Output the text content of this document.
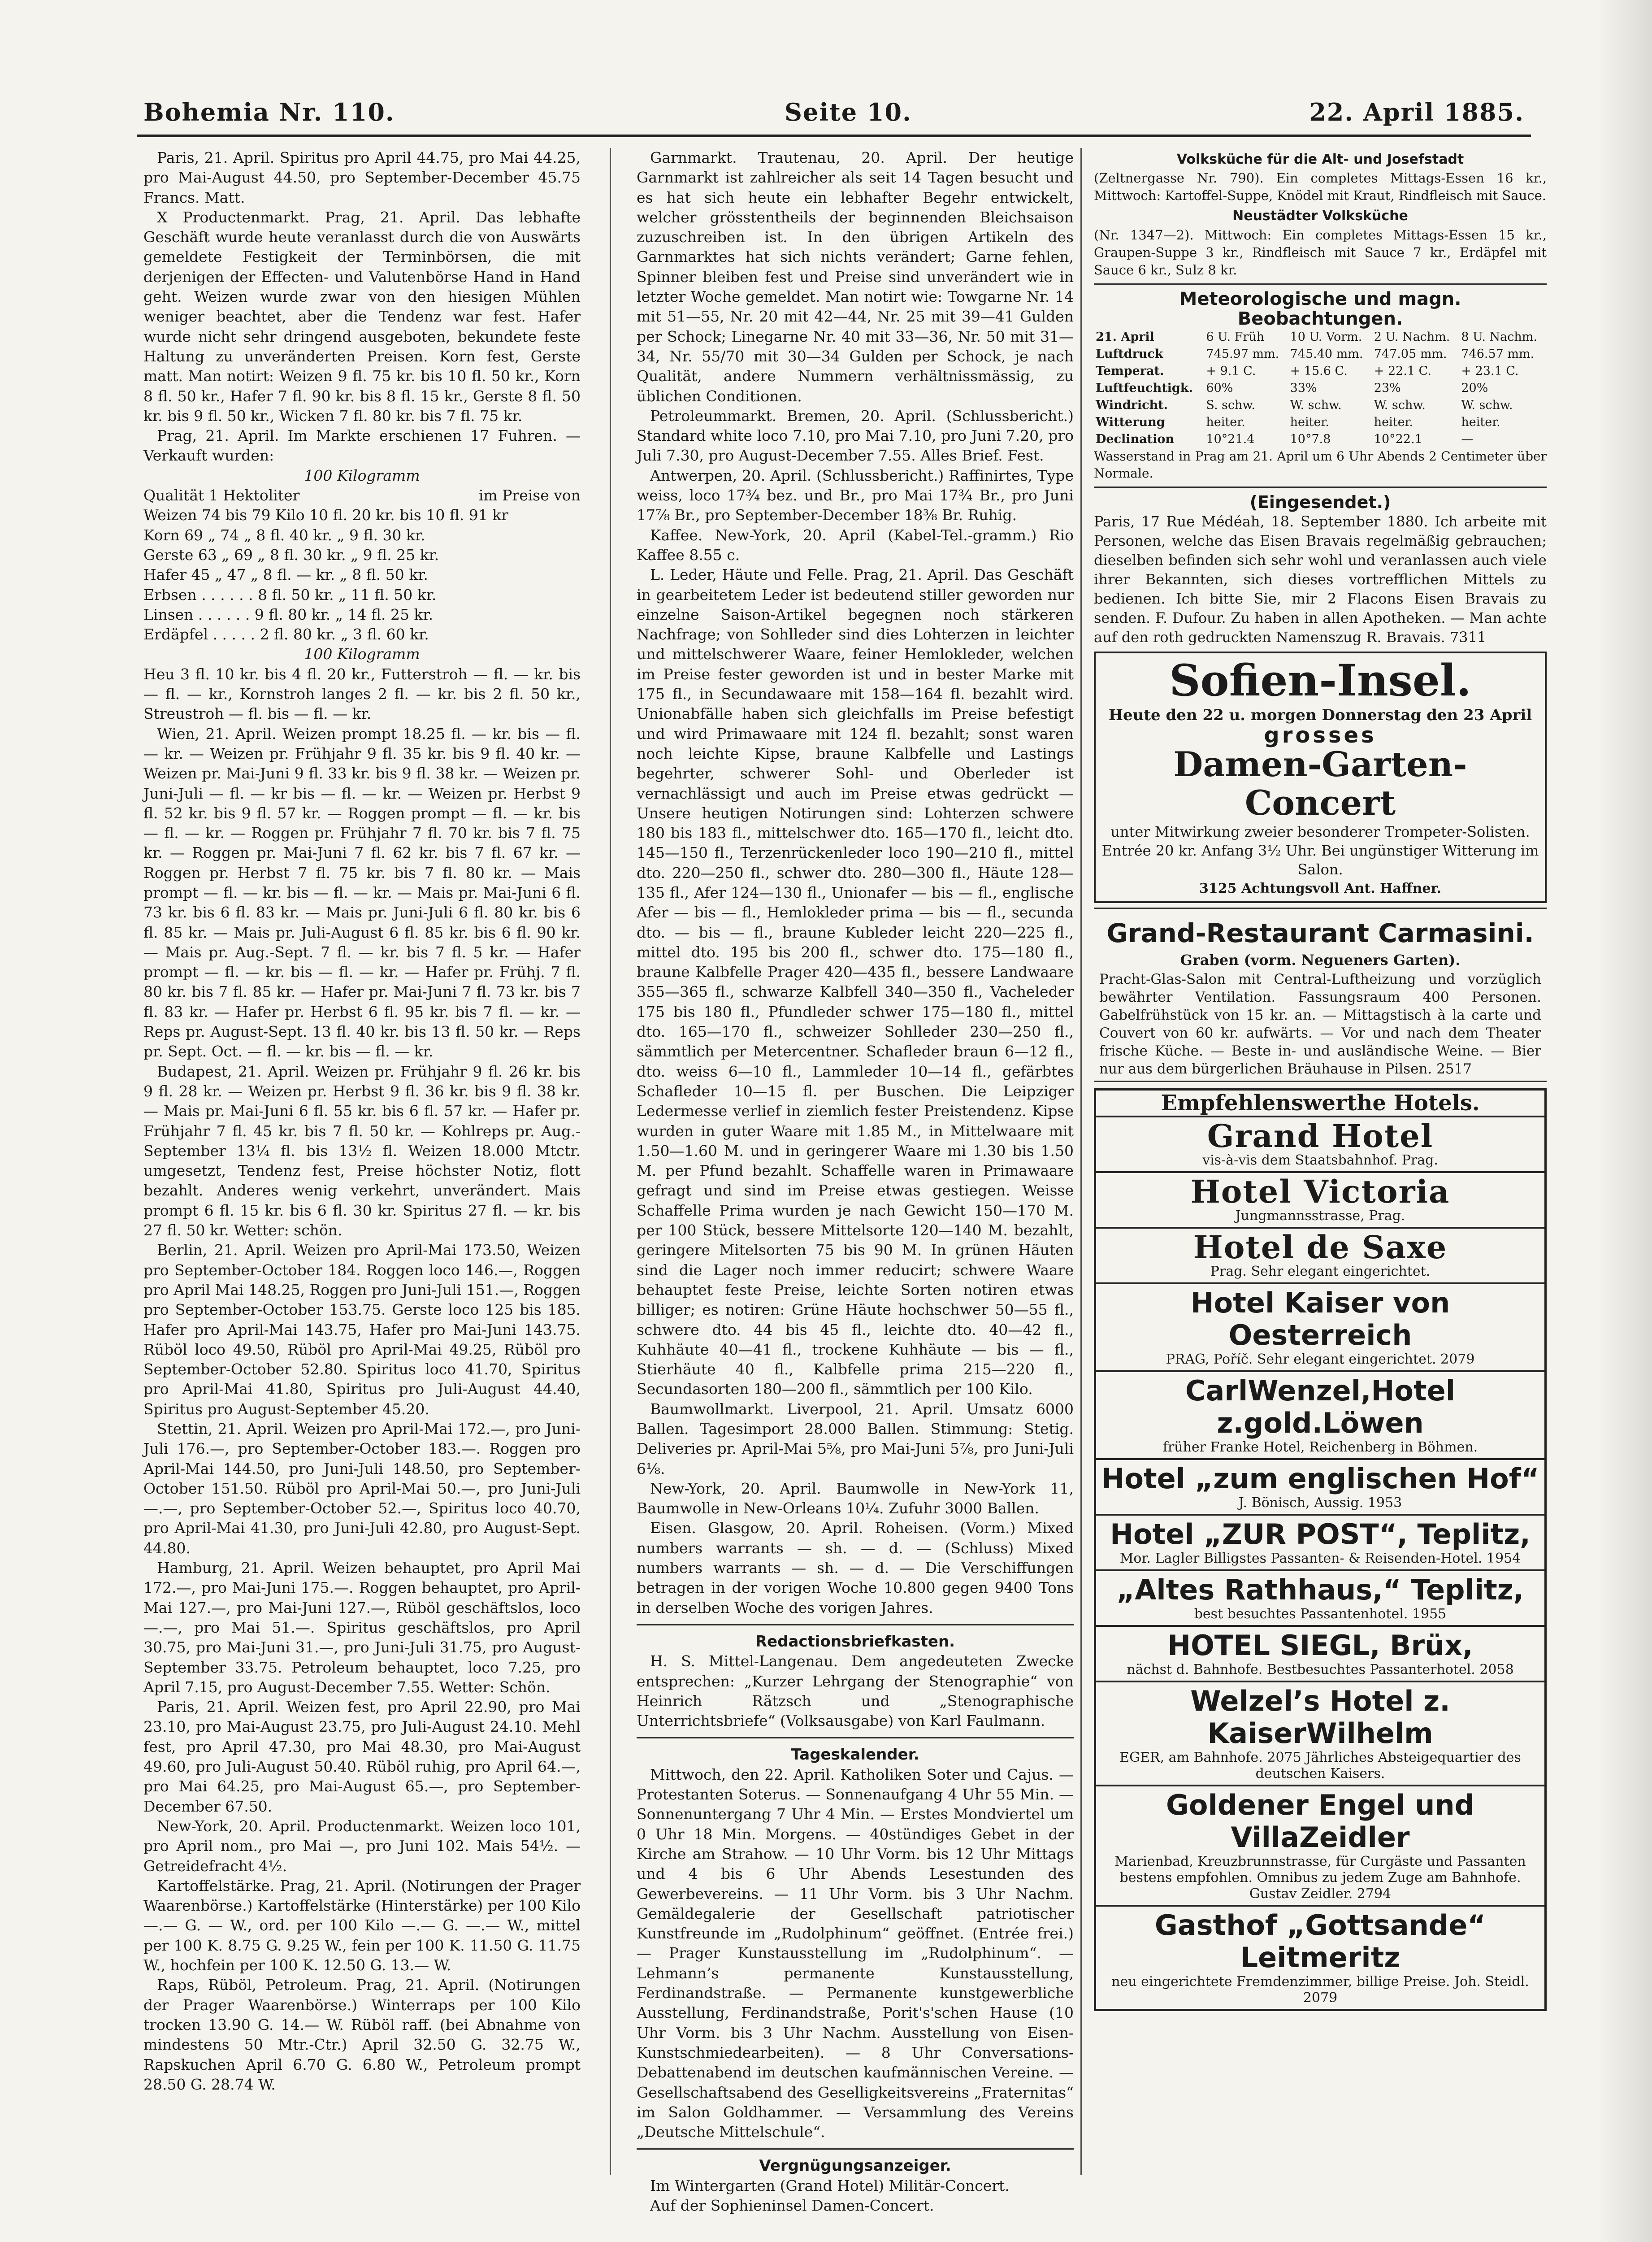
Bohemia Nr. 110.	Seite 10.	22. April 1885.

Paris, 21. April. Spiritus pro April 44.75, pro Mai 44.25, pro Mai-August 44.50, pro September-December 45.75 Francs. Matt.

X Productenmarkt. Prag, 21. April. Das lebhafte Geschäft wurde heute veranlasst durch die von Auswärts gemeldete Festigkeit der Terminbörsen, die mit derjenigen der Effecten- und Valutenbörse Hand in Hand geht. Weizen wurde zwar von den hiesigen Mühlen weniger beachtet, aber die Tendenz war fest. Hafer wurde nicht sehr dringend ausgeboten, bekundete feste Haltung zu unveränderten Preisen. Korn fest, Gerste matt. Man notirt: Weizen 9 fl. 75 kr. bis 10 fl. 50 kr., Korn 8 fl. 50 kr., Hafer 7 fl. 90 kr. bis 8 fl. 15 kr., Gerste 8 fl. 50 kr. bis 9 fl. 50 kr., Wicken 7 fl. 80 kr. bis 7 fl. 75 kr.

Prag, 21. April. Im Markte erschienen 17 Fuhren. — Verkauft wurden:

100 Kilogramm
Qualität 1 Hektoliter	im Preise von
Weizen 74 bis 79 Kilo 10 fl. 20 kr. bis 10 fl. 91 kr
Korn 69 „ 74 „ 8 fl. 40 kr. „ 9 fl. 30 kr.
Gerste 63 „ 69 „ 8 fl. 30 kr. „ 9 fl. 25 kr.
Hafer 45 „ 47 „ 8 fl. — kr. „ 8 fl. 50 kr.
Erbsen . . . . . . 8 fl. 50 kr. „ 11 fl. 50 kr.
Linsen . . . . . . 9 fl. 80 kr. „ 14 fl. 25 kr.
Erdäpfel . . . . . 2 fl. 80 kr. „ 3 fl. 60 kr.
100 Kilogramm

Heu 3 fl. 10 kr. bis 4 fl. 20 kr., Futterstroh — fl. — kr. bis — fl. — kr., Kornstroh langes 2 fl. — kr. bis 2 fl. 50 kr., Streustroh — fl. bis — fl. — kr.

Wien, 21. April. Weizen prompt 18.25 fl. — kr. bis — fl. — kr. — Weizen pr. Frühjahr 9 fl. 35 kr. bis 9 fl. 40 kr. — Weizen pr. Mai-Juni 9 fl. 33 kr. bis 9 fl. 38 kr. — Weizen pr. Juni-Juli — fl. — kr bis — fl. — kr. — Weizen pr. Herbst 9 fl. 52 kr. bis 9 fl. 57 kr. — Roggen prompt — fl. — kr. bis — fl. — kr. — Roggen pr. Frühjahr 7 fl. 70 kr. bis 7 fl. 75 kr. — Roggen pr. Mai-Juni 7 fl. 62 kr. bis 7 fl. 67 kr. — Roggen pr. Herbst 7 fl. 75 kr. bis 7 fl. 80 kr. — Mais prompt — fl. — kr. bis — fl. — kr. — Mais pr. Mai-Juni 6 fl. 73 kr. bis 6 fl. 83 kr. — Mais pr. Juni-Juli 6 fl. 80 kr. bis 6 fl. 85 kr. — Mais pr. Juli-August 6 fl. 85 kr. bis 6 fl. 90 kr. — Mais pr. Aug.-Sept. 7 fl. — kr. bis 7 fl. 5 kr. — Hafer prompt — fl. — kr. bis — fl. — kr. — Hafer pr. Frühj. 7 fl. 80 kr. bis 7 fl. 85 kr. — Hafer pr. Mai-Juni 7 fl. 73 kr. bis 7 fl. 83 kr. — Hafer pr. Herbst 6 fl. 95 kr. bis 7 fl. — kr. — Reps pr. August-Sept. 13 fl. 40 kr. bis 13 fl. 50 kr. — Reps pr. Sept. Oct. — fl. — kr. bis — fl. — kr.

Budapest, 21. April. Weizen pr. Frühjahr 9 fl. 26 kr. bis 9 fl. 28 kr. — Weizen pr. Herbst 9 fl. 36 kr. bis 9 fl. 38 kr. — Mais pr. Mai-Juni 6 fl. 55 kr. bis 6 fl. 57 kr. — Hafer pr. Frühjahr 7 fl. 45 kr. bis 7 fl. 50 kr. — Kohlreps pr. Aug.-September 13¼ fl. bis 13½ fl. Weizen 18.000 Mtctr. umgesetzt, Tendenz fest, Preise höchster Notiz, flott bezahlt. Anderes wenig verkehrt, unverändert. Mais prompt 6 fl. 15 kr. bis 6 fl. 30 kr. Spiritus 27 fl. — kr. bis 27 fl. 50 kr. Wetter: schön.

Berlin, 21. April. Weizen pro April-Mai 173.50, Weizen pro September-October 184. Roggen loco 146.—, Roggen pro April Mai 148.25, Roggen pro Juni-Juli 151.—, Roggen pro September-October 153.75. Gerste loco 125 bis 185. Hafer pro April-Mai 143.75, Hafer pro Mai-Juni 143.75. Rüböl loco 49.50, Rüböl pro April-Mai 49.25, Rüböl pro September-October 52.80. Spiritus loco 41.70, Spiritus pro April-Mai 41.80, Spiritus pro Juli-August 44.40, Spiritus pro August-September 45.20.

Stettin, 21. April. Weizen pro April-Mai 172.—, pro Juni-Juli 176.—, pro September-October 183.—. Roggen pro April-Mai 144.50, pro Juni-Juli 148.50, pro September-October 151.50. Rüböl pro April-Mai 50.—, pro Juni-Juli —.—, pro September-October 52.—, Spiritus loco 40.70, pro April-Mai 41.30, pro Juni-Juli 42.80, pro August-Sept. 44.80.

Hamburg, 21. April. Weizen behauptet, pro April Mai 172.—, pro Mai-Juni 175.—. Roggen behauptet, pro April-Mai 127.—, pro Mai-Juni 127.—, Rüböl geschäftslos, loco —.—, pro Mai 51.—. Spiritus geschäftslos, pro April 30.75, pro Mai-Juni 31.—, pro Juni-Juli 31.75, pro August-September 33.75. Petroleum behauptet, loco 7.25, pro April 7.15, pro August-December 7.55. Wetter: Schön.

Paris, 21. April. Weizen fest, pro April 22.90, pro Mai 23.10, pro Mai-August 23.75, pro Juli-August 24.10. Mehl fest, pro April 47.30, pro Mai 48.30, pro Mai-August 49.60, pro Juli-August 50.40. Rüböl ruhig, pro April 64.—, pro Mai 64.25, pro Mai-August 65.—, pro September-December 67.50.

New-York, 20. April. Productenmarkt. Weizen loco 101, pro April nom., pro Mai —, pro Juni 102. Mais 54½. — Getreidefracht 4½.

Kartoffelstärke. Prag, 21. April. (Notirungen der Prager Waarenbörse.) Kartoffelstärke (Hinterstärke) per 100 Kilo —.— G. — W., ord. per 100 Kilo —.— G. —.— W., mittel per 100 K. 8.75 G. 9.25 W., fein per 100 K. 11.50 G. 11.75 W., hochfein per 100 K. 12.50 G. 13.— W.

Raps, Rüböl, Petroleum. Prag, 21. April. (Notirungen der Prager Waarenbörse.) Winterraps per 100 Kilo trocken 13.90 G. 14.— W. Rüböl raff. (bei Abnahme von mindestens 50 Mtr.-Ctr.) April 32.50 G. 32.75 W., Rapskuchen April 6.70 G. 6.80 W., Petroleum prompt 28.50 G. 28.74 W.

Garnmarkt. Trautenau, 20. April. Der heutige Garnmarkt ist zahlreicher als seit 14 Tagen besucht und es hat sich heute ein lebhafter Begehr entwickelt, welcher grösstentheils der beginnenden Bleichsaison zuzuschreiben ist. In den übrigen Artikeln des Garnmarktes hat sich nichts verändert; Garne fehlen, Spinner bleiben fest und Preise sind unverändert wie in letzter Woche gemeldet. Man notirt wie: Towgarne Nr. 14 mit 51—55, Nr. 20 mit 42—44, Nr. 25 mit 39—41 Gulden per Schock; Linegarne Nr. 40 mit 33—36, Nr. 50 mit 31—34, Nr. 55/70 mit 30—34 Gulden per Schock, je nach Qualität, andere Nummern verhältnissmässig, zu üblichen Conditionen.

Petroleummarkt. Bremen, 20. April. (Schlussbericht.) Standard white loco 7.10, pro Mai 7.10, pro Juni 7.20, pro Juli 7.30, pro August-December 7.55. Alles Brief. Fest.

Antwerpen, 20. April. (Schlussbericht.) Raffinirtes, Type weiss, loco 17¾ bez. und Br., pro Mai 17¾ Br., pro Juni 17⅞ Br., pro September-December 18⅜ Br. Ruhig.

Kaffee. New-York, 20. April (Kabel-Tel.-gramm.) Rio Kaffee 8.55 c.

L. Leder, Häute und Felle. Prag, 21. April. Das Geschäft in gearbeitetem Leder ist bedeutend stiller geworden nur einzelne Saison-Artikel begegnen noch stärkeren Nachfrage; von Sohlleder sind dies Lohterzen in leichter und mittelschwerer Waare, feiner Hemlokleder, welchen im Preise fester geworden ist und in bester Marke mit 175 fl., in Secundawaare mit 158—164 fl. bezahlt wird. Unionabfälle haben sich gleichfalls im Preise befestigt und wird Primawaare mit 124 fl. bezahlt; sonst waren noch leichte Kipse, braune Kalbfelle und Lastings begehrter, schwerer Sohl- und Oberleder ist vernachlässigt und auch im Preise etwas gedrückt — Unsere heutigen Notirungen sind: Lohterzen schwere 180 bis 183 fl., mittelschwer dto. 165—170 fl., leicht dto. 145—150 fl., Terzenrückenleder loco 190—210 fl., mittel dto. 220—250 fl., schwer dto. 280—300 fl., Häute 128—135 fl., Afer 124—130 fl., Unionafer — bis — fl., englische Afer — bis — fl., Hemlokleder prima — bis — fl., secunda dto. — bis — fl., braune Kubleder leicht 220—225 fl., mittel dto. 195 bis 200 fl., schwer dto. 175—180 fl., braune Kalbfelle Prager 420—435 fl., bessere Landwaare 355—365 fl., schwarze Kalbfell 340—350 fl., Vacheleder 175 bis 180 fl., Pfundleder schwer 175—180 fl., mittel dto. 165—170 fl., schweizer Sohlleder 230—250 fl., sämmtlich per Metercentner. Schafleder braun 6—12 fl., dto. weiss 6—10 fl., Lammleder 10—14 fl., gefärbtes Schafleder 10—15 fl. per Buschen. Die Leipziger Ledermesse verlief in ziemlich fester Preistendenz. Kipse wurden in guter Waare mit 1.85 M., in Mittelwaare mit 1.50—1.60 M. und in geringerer Waare mi 1.30 bis 1.50 M. per Pfund bezahlt. Schaffelle waren in Primawaare gefragt und sind im Preise etwas gestiegen. Weisse Schaffelle Prima wurden je nach Gewicht 150—170 M. per 100 Stück, bessere Mittelsorte 120—140 M. bezahlt, geringere Mitelsorten 75 bis 90 M. In grünen Häuten sind die Lager noch immer reducirt; schwere Waare behauptet feste Preise, leichte Sorten notiren etwas billiger; es notiren: Grüne Häute hochschwer 50—55 fl., schwere dto. 44 bis 45 fl., leichte dto. 40—42 fl., Kuhhäute 40—41 fl., trockene Kuhhäute — bis — fl., Stierhäute 40 fl., Kalbfelle prima 215—220 fl., Secundasorten 180—200 fl., sämmtlich per 100 Kilo.

Baumwollmarkt. Liverpool, 21. April. Umsatz 6000 Ballen. Tagesimport 28.000 Ballen. Stimmung: Stetig. Deliveries pr. April-Mai 5⅝, pro Mai-Juni 5⅞, pro Juni-Juli 6⅛.

New-York, 20. April. Baumwolle in New-York 11, Baumwolle in New-Orleans 10¼. Zufuhr 3000 Ballen.

Eisen. Glasgow, 20. April. Roheisen. (Vorm.) Mixed numbers warrants — sh. — d. — (Schluss) Mixed numbers warrants — sh. — d. — Die Verschiffungen betragen in der vorigen Woche 10.800 gegen 9400 Tons in derselben Woche des vorigen Jahres.

Redactionsbriefkasten.

H. S. Mittel-Langenau. Dem angedeuteten Zwecke entsprechen: „Kurzer Lehrgang der Stenographie“ von Heinrich Rätzsch und „Stenographische Unterrichtsbriefe“ (Volksausgabe) von Karl Faulmann.

Tageskalender.

Mittwoch, den 22. April. Katholiken Soter und Cajus. — Protestanten Soterus. — Sonnenaufgang 4 Uhr 55 Min. — Sonnenuntergang 7 Uhr 4 Min. — Erstes Mondviertel um 0 Uhr 18 Min. Morgens. — 40stündiges Gebet in der Kirche am Strahow. — 10 Uhr Vorm. bis 12 Uhr Mittags und 4 bis 6 Uhr Abends Lesestunden des Gewerbevereins. — 11 Uhr Vorm. bis 3 Uhr Nachm. Gemäldegalerie der Gesellschaft patriotischer Kunstfreunde im „Rudolphinum“ geöffnet. (Entrée frei.) — Prager Kunstausstellung im „Rudolphinum“. — Lehmann’s permanente Kunstausstellung, Ferdinandstraße. — Permanente kunstgewerbliche Ausstellung, Ferdinandstraße, Porit's'schen Hause (10 Uhr Vorm. bis 3 Uhr Nachm. Ausstellung von Eisen-Kunstschmiedearbeiten). — 8 Uhr Conversations-Debattenabend im deutschen kaufmännischen Vereine. — Gesellschaftsabend des Geselligkeitsvereins „Fraternitas“ im Salon Goldhammer. — Versammlung des Vereins „Deutsche Mittelschule“.

Vergnügungsanzeiger.

Im Wintergarten (Grand Hotel) Militär-Concert.

Auf der Sophieninsel Damen-Concert.

Volksküche für die Alt- und Josefstadt

(Zeltnergasse Nr. 790). Ein completes Mittags-Essen 16 kr., Mittwoch: Kartoffel-Suppe, Knödel mit Kraut, Rindfleisch mit Sauce.

Neustädter Volksküche

(Nr. 1347—2). Mittwoch: Ein completes Mittags-Essen 15 kr., Graupen-Suppe 3 kr., Rindfleisch mit Sauce 7 kr., Erdäpfel mit Sauce 6 kr., Sulz 8 kr.

Meteorologische und magn. Beobachtungen.
21. April	6 U. Früh	10 U. Vorm.	2 U. Nachm.	8 U. Nachm.
Luftdruck	745.97 mm.	745.40 mm.	747.05 mm.	746.57 mm.
Temperat.	+ 9.1 C.	+ 15.6 C.	+ 22.1 C.	+ 23.1 C.
Luftfeuchtigk.	60%	33%	23%	20%
Windricht.	S. schw.	W. schw.	W. schw.	W. schw.
Witterung	heiter.	heiter.	heiter.	heiter.
Declination	10°21.4	10°7.8	10°22.1	—

Wasserstand in Prag am 21. April um 6 Uhr Abends 2 Centimeter über Normale.

(Eingesendet.)

Paris, 17 Rue Médéah, 18. September 1880. Ich arbeite mit Personen, welche das Eisen Bravais regelmäßig gebrauchen; dieselben befinden sich sehr wohl und veranlassen auch viele ihrer Bekannten, sich dieses vortrefflichen Mittels zu bedienen. Ich bitte Sie, mir 2 Flacons Eisen Bravais zu senden. F. Dufour. Zu haben in allen Apotheken. — Man achte auf den roth gedruckten Namenszug R. Bravais. 7311

Sofien-Insel.
Heute den 22 u. morgen Donnerstag den 23 April
grosses
Damen-Garten-Concert
unter Mitwirkung zweier besonderer Trompeter-Solisten. Entrée 20 kr. Anfang 3½ Uhr. Bei ungünstiger Witterung im Salon.
3125 Achtungsvoll Ant. Haffner.
Grand-Restaurant Carmasini.
Graben (vorm. Negueners Garten).
Pracht-Glas-Salon mit Central-Luftheizung und vorzüglich bewährter Ventilation. Fassungsraum 400 Personen. Gabelfrühstück von 15 kr. an. — Mittagstisch à la carte und Couvert von 60 kr. aufwärts. — Vor und nach dem Theater frische Küche. — Beste in- und ausländische Weine. — Bier nur aus dem bürgerlichen Bräuhause in Pilsen. 2517
Empfehlenswerthe Hotels.
Grand Hotel
vis-à-vis dem Staatsbahnhof. Prag.
Hotel Victoria
Jungmannsstrasse, Prag.
Hotel de Saxe
Prag. Sehr elegant eingerichtet.
Hotel Kaiser von Oesterreich
PRAG, Poříč. Sehr elegant eingerichtet. 2079
CarlWenzel,Hotel z.gold.Löwen
früher Franke Hotel, Reichenberg in Böhmen.
Hotel „zum englischen Hof“
J. Bönisch, Aussig. 1953
Hotel „ZUR POST“, Teplitz,
Mor. Lagler Billigstes Passanten- & Reisenden-Hotel. 1954
„Altes Rathhaus,“ Teplitz,
best besuchtes Passantenhotel. 1955
HOTEL SIEGL, Brüx,
nächst d. Bahnhofe. Bestbesuchtes Passanterhotel. 2058
Welzel’s Hotel z. KaiserWilhelm
EGER, am Bahnhofe. 2075 Jährliches Absteigequartier des deutschen Kaisers.
Goldener Engel und VillaZeidler
Marienbad, Kreuzbrunnstrasse, für Curgäste und Passanten bestens empfohlen. Omnibus zu jedem Zuge am Bahnhofe. Gustav Zeidler. 2794
Gasthof „Gottsande“ Leitmeritz
neu eingerichtete Fremdenzimmer, billige Preise. Joh. Steidl. 2079
